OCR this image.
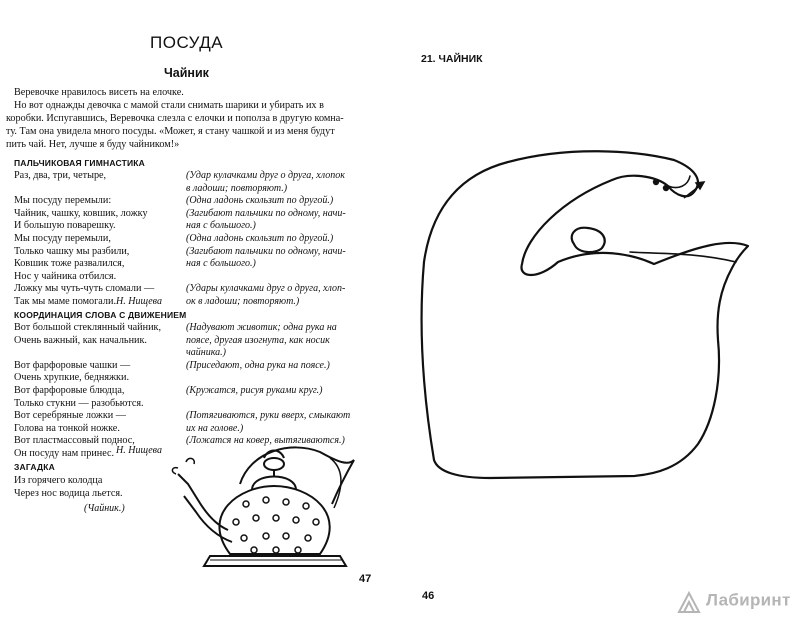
ПОСУДА
Чайник
Веревочке нравилось висеть на елочке.
Но вот однажды девочка с мамой стали снимать шарики и убирать их в
коробки. Испугавшись, Веревочка слезла с елочки и пополза в другую комна-
ту. Там она увидела много посуды. «Может, я стану чашкой и из меня будут
пить чай. Нет, лучше я буду чайником!»
ПАЛЬЧИКОВАЯ ГИМНАСТИКА
Раз, два, три, четыре,

Мы посуду перемыли:
Чайник, чашку, ковшик, ложку
И большую поварешку.
Мы посуду перемыли,
Только чашку мы разбили,
Ковшик тоже развалился,
Нос у чайника отбился.
Ложку мы чуть-чуть сломали —
Так мы маме помогали.
(Удар кулачками друг о друга, хлопок
в ладоши; повторяют.)
(Одна ладонь скользит по другой.)
(Загибают пальчики по одному, начи-
ная с большого.)
(Одна ладонь скользит по другой.)
(Загибают пальчики по одному, начи-
ная с большого.)

(Удары кулачками друг о друга, хлоп-
ок в ладоши; повторяют.)
Н. Нищева
КООРДИНАЦИЯ СЛОВА С ДВИЖЕНИЕМ
Вот большой стеклянный чайник,
Очень важный, как начальник.

Вот фарфоровые чашки —
Очень хрупкие, бедняжки.
Вот фарфоровые блюдца,
Только стукни — разобьются.
Вот серебряные ложки —
Голова на тонкой ножке.
Вот пластмассовый поднос,
Он посуду нам принес.
(Надувают животик; одна рука на
поясе, другая изогнута, как носик
чайника.)
(Приседают, одна рука на поясе.)

(Кружатся, рисуя руками круг.)

(Потягиваются, руки вверх, смыкают
их на голове.)
(Ложатся на ковер, вытягиваются.)
Н. Нищева
ЗАГАДКА
Из горячего колодца
Через нос водица льется.
(Чайник.)
47
21. ЧАЙНИК
46	Лабиринт
